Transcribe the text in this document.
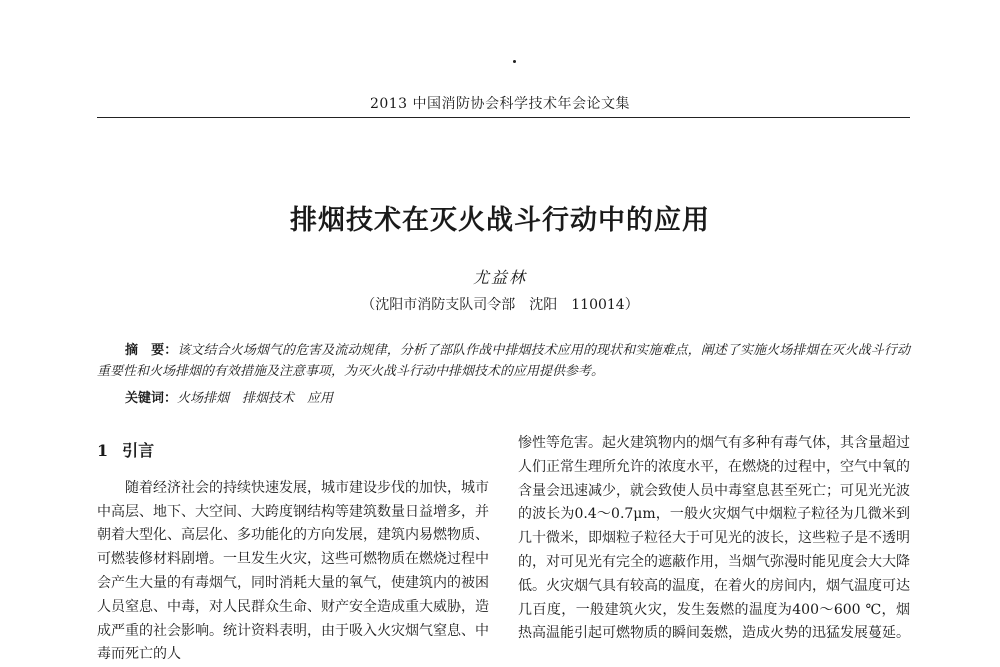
2013 中国消防协会科学技术年会论文集
排烟技术在灭火战斗行动中的应用
尤益林
（沈阳市消防支队司令部　沈阳　110014）
摘　要：该文结合火场烟气的危害及流动规律，分析了部队作战中排烟技术应用的现状和实施难点，阐述了实施火场排烟在灭火战斗行动重要性和火场排烟的有效措施及注意事项，为灭火战斗行动中排烟技术的应用提供参考。
关键词：火场排烟　排烟技术　应用
1 引言

随着经济社会的持续快速发展，城市建设步伐的加快，城市中高层、地下、大空间、大跨度钢结构等建筑数量日益增多，并朝着大型化、高层化、多功能化的方向发展，建筑内易燃物质、可燃装修材料剧增。一旦发生火灾，这些可燃物质在燃烧过程中会产生大量的有毒烟气，同时消耗大量的氧气，使建筑内的被困人员窒息、中毒，对人民群众生命、财产安全造成重大威胁，造成严重的社会影响。统计资料表明，由于吸入火灾烟气窒息、中毒而死亡的人

惨性等危害。起火建筑物内的烟气有多种有毒气体，其含量超过人们正常生理所允许的浓度水平，在燃烧的过程中，空气中氧的含量会迅速减少，就会致使人员中毒窒息甚至死亡；可见光光波的波长为0.4～0.7μm，一般火灾烟气中烟粒子粒径为几微米到几十微米，即烟粒子粒径大于可见光的波长，这些粒子是不透明的，对可见光有完全的遮蔽作用，当烟气弥漫时能见度会大大降低。火灾烟气具有较高的温度，在着火的房间内，烟气温度可达几百度，一般建筑火灾，发生轰燃的温度为400～600 ℃，烟热高温能引起可燃物质的瞬间轰燃，造成火势的迅猛发展蔓延。
